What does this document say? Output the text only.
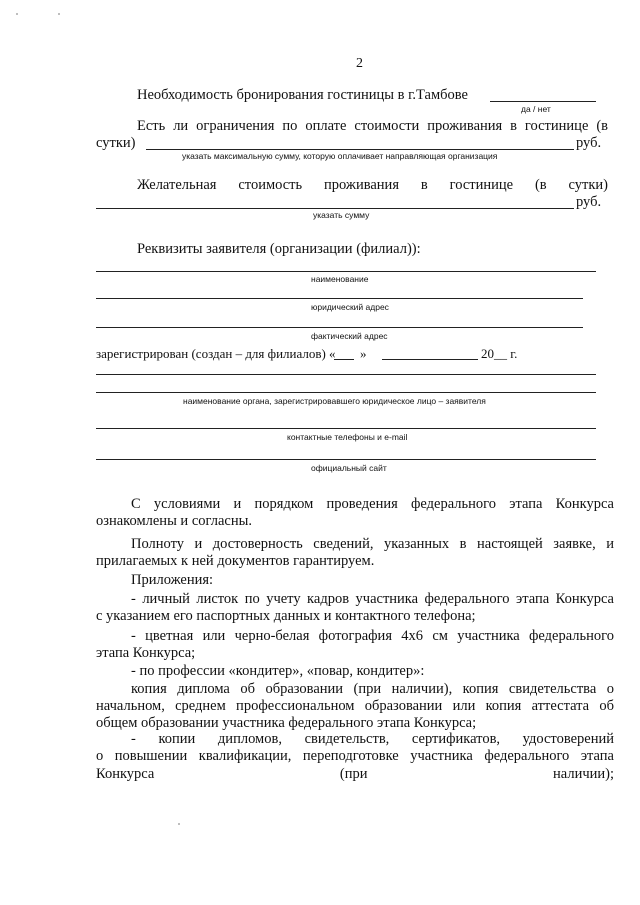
2
Необходимость бронирования гостиницы в г.Тамбове
да / нет
Есть ли ограничения по оплате стоимости проживания в гостинице (в
сутки)	руб.
указать максимальную сумму, которую оплачивает направляющая организация
Желательная стоимость проживания в гостинице (в сутки)
руб.
указать сумму
Реквизиты заявителя (организации (филиал)):
наименование
юридический адрес
фактический адрес
зарегистрирован (создан – для филиалов) « »	20__ г.
наименование органа, зарегистрировавшего юридическое лицо – заявителя
контактные телефоны и e-mail
официальный сайт
С условиями и порядком проведения федерального этапа Конкурса
ознакомлены и согласны.
Полноту и достоверность сведений, указанных в настоящей заявке, и
прилагаемых к ней документов гарантируем.
Приложения:
- личный листок по учету кадров участника федерального этапа Конкурса
с указанием его паспортных данных и контактного телефона;
- цветная или черно-белая фотография 4х6 см участника федерального
этапа Конкурса;
- по профессии «кондитер», «повар, кондитер»:
копия диплома об образовании (при наличии), копия свидетельства о
начальном, среднем профессиональном образовании или копия аттестата об
общем образовании участника федерального этапа Конкурса;
- копии дипломов, свидетельств, сертификатов, удостоверений
о повышении квалификации, переподготовке участника федерального этапа
Конкурса (при наличии);
